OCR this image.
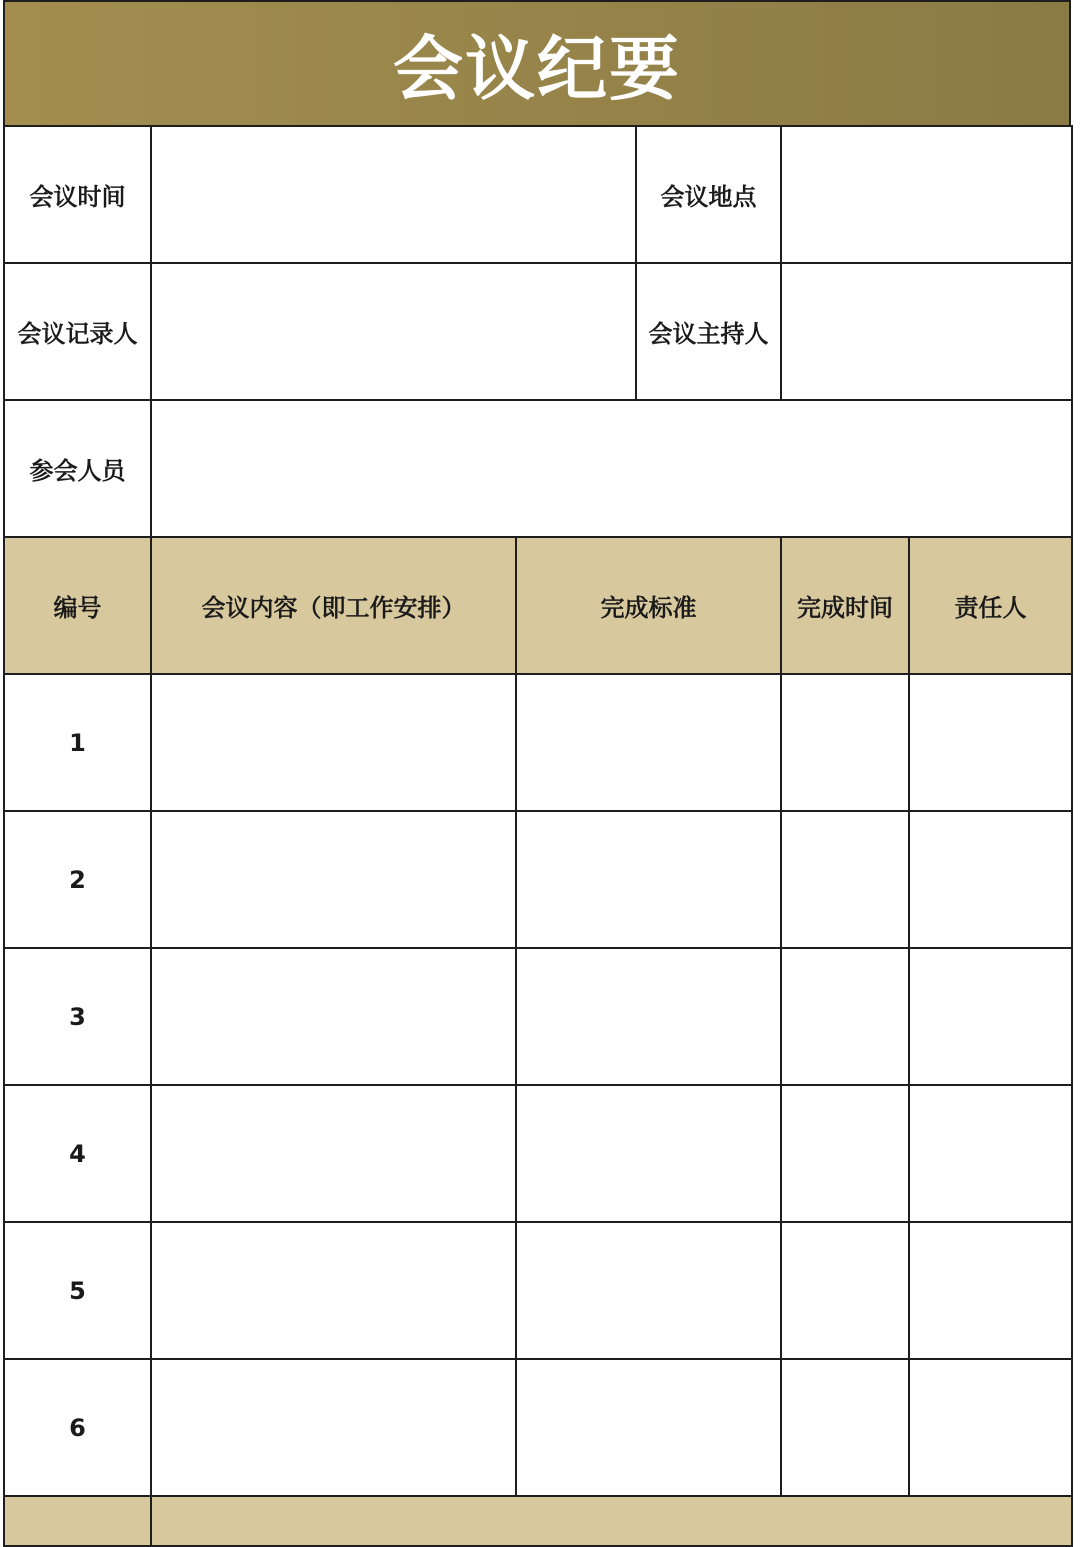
会议纪要
会议时间			会议地点		
会议记录人			会议主持人		
参会人员					
编号	会议内容（即工作安排）	完成标准		完成时间	责任人
1					
2					
3					
4					
5					
6					
